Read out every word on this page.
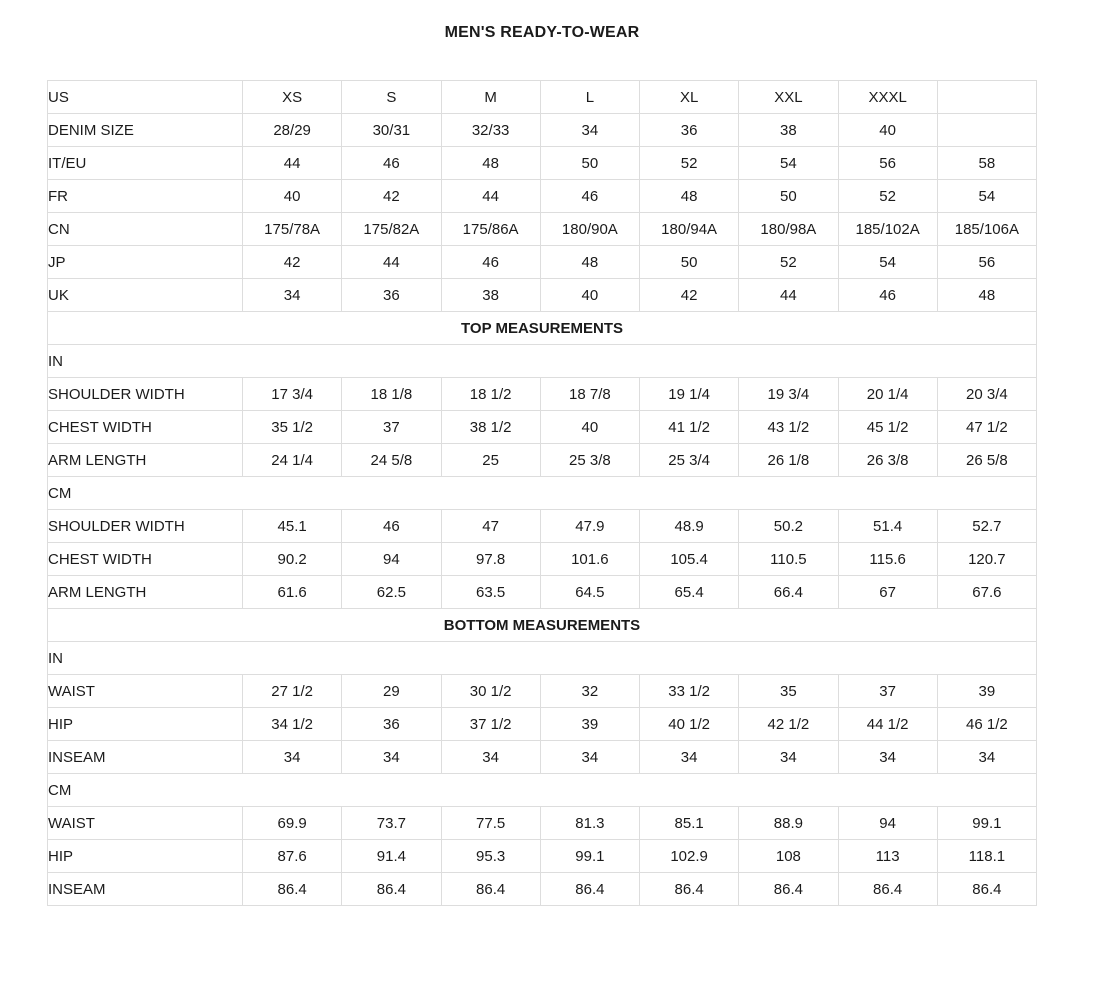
MEN'S READY-TO-WEAR
US	XS	S	M	L	XL	XXL	XXXL	
DENIM SIZE	28/29	30/31	32/33	34	36	38	40	
IT/EU	44	46	48	50	52	54	56	58
FR	40	42	44	46	48	50	52	54
CN	175/78A	175/82A	175/86A	180/90A	180/94A	180/98A	185/102A	185/106A
JP	42	44	46	48	50	52	54	56
UK	34	36	38	40	42	44	46	48
TOP MEASUREMENTS								
IN								
SHOULDER WIDTH	17 3/4	18 1/8	18 1/2	18 7/8	19 1/4	19 3/4	20 1/4	20 3/4
CHEST WIDTH	35 1/2	37	38 1/2	40	41 1/2	43 1/2	45 1/2	47 1/2
ARM LENGTH	24 1/4	24 5/8	25	25 3/8	25 3/4	26 1/8	26 3/8	26 5/8
CM								
SHOULDER WIDTH	45.1	46	47	47.9	48.9	50.2	51.4	52.7
CHEST WIDTH	90.2	94	97.8	101.6	105.4	110.5	115.6	120.7
ARM LENGTH	61.6	62.5	63.5	64.5	65.4	66.4	67	67.6
BOTTOM MEASUREMENTS								
IN								
WAIST	27 1/2	29	30 1/2	32	33 1/2	35	37	39
HIP	34 1/2	36	37 1/2	39	40 1/2	42 1/2	44 1/2	46 1/2
INSEAM	34	34	34	34	34	34	34	34
CM								
WAIST	69.9	73.7	77.5	81.3	85.1	88.9	94	99.1
HIP	87.6	91.4	95.3	99.1	102.9	108	113	118.1
INSEAM	86.4	86.4	86.4	86.4	86.4	86.4	86.4	86.4
